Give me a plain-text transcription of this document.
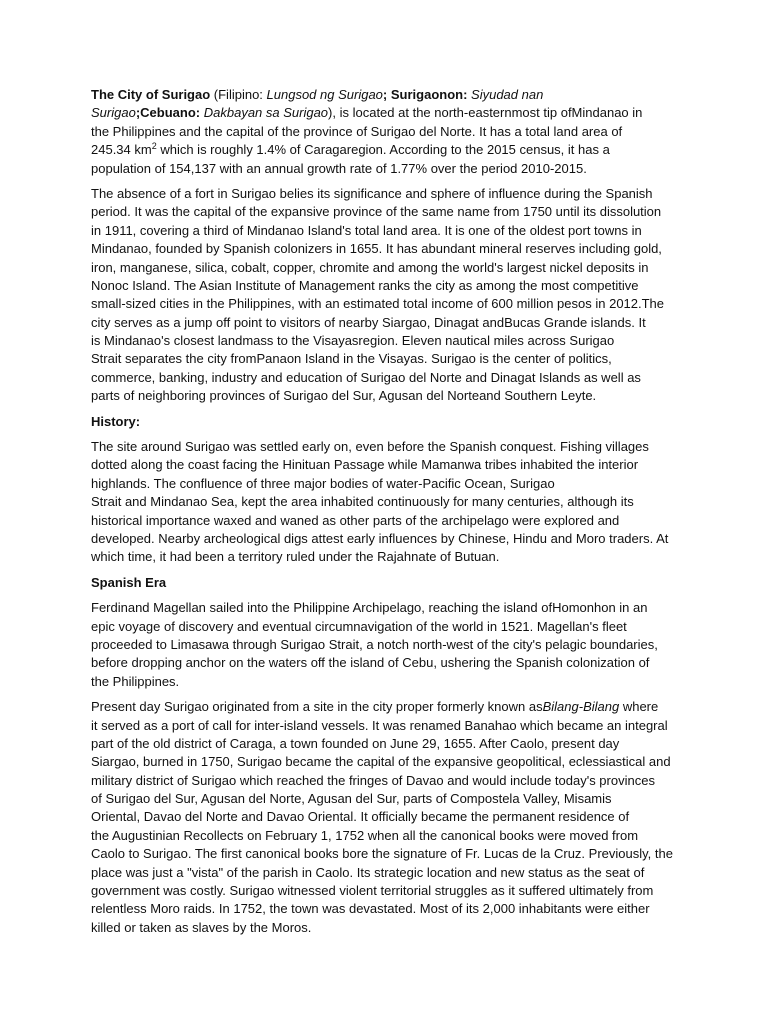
The City of Surigao (Filipino: Lungsod ng Surigao; Surigaonon: Siyudad nan
Surigao;Cebuano: Dakbayan sa Surigao), is located at the north-easternmost tip ofMindanao in
the Philippines and the capital of the province of Surigao del Norte. It has a total land area of
245.34 $km^2$ which is roughly 1.4% of Caragaregion. According to the 2015 census, it has a
population of 154,137 with an annual growth rate of 1.77% over the period 2010-2015.
The absence of a fort in Surigao belies its significance and sphere of influence during the Spanish
period. It was the capital of the expansive province of the same name from 1750 until its dissolution
in 1911, covering a third of Mindanao Island's total land area. It is one of the oldest port towns in
Mindanao, founded by Spanish colonizers in 1655. It has abundant mineral reserves including gold,
iron, manganese, silica, cobalt, copper, chromite and among the world's largest nickel deposits in
Nonoc Island. The Asian Institute of Management ranks the city as among the most competitive
small-sized cities in the Philippines, with an estimated total income of 600 million pesos in 2012.The
city serves as a jump off point to visitors of nearby Siargao, Dinagat andBucas Grande islands. It
is Mindanao's closest landmass to the Visayasregion. Eleven nautical miles across Surigao
Strait separates the city fromPanaon Island in the Visayas. Surigao is the center of politics,
commerce, banking, industry and education of Surigao del Norte and Dinagat Islands as well as
parts of neighboring provinces of Surigao del Sur, Agusan del Norteand Southern Leyte.
History:
The site around Surigao was settled early on, even before the Spanish conquest. Fishing villages
dotted along the coast facing the Hinituan Passage while Mamanwa tribes inhabited the interior
highlands. The confluence of three major bodies of water-Pacific Ocean, Surigao
Strait and Mindanao Sea, kept the area inhabited continuously for many centuries, although its
historical importance waxed and waned as other parts of the archipelago were explored and
developed. Nearby archeological digs attest early influences by Chinese, Hindu and Moro traders. At
which time, it had been a territory ruled under the Rajahnate of Butuan.
Spanish Era
Ferdinand Magellan sailed into the Philippine Archipelago, reaching the island ofHomonhon in an
epic voyage of discovery and eventual circumnavigation of the world in 1521. Magellan's fleet
proceeded to Limasawa through Surigao Strait, a notch north-west of the city's pelagic boundaries,
before dropping anchor on the waters off the island of Cebu, ushering the Spanish colonization of
the Philippines.
Present day Surigao originated from a site in the city proper formerly known asBilang-Bilang where
it served as a port of call for inter-island vessels. It was renamed Banahao which became an integral
part of the old district of Caraga, a town founded on June 29, 1655. After Caolo, present day
Siargao, burned in 1750, Surigao became the capital of the expansive geopolitical, eclessiastical and
military district of Surigao which reached the fringes of Davao and would include today's provinces
of Surigao del Sur, Agusan del Norte, Agusan del Sur, parts of Compostela Valley, Misamis
Oriental, Davao del Norte and Davao Oriental. It officially became the permanent residence of
the Augustinian Recollects on February 1, 1752 when all the canonical books were moved from
Caolo to Surigao. The first canonical books bore the signature of Fr. Lucas de la Cruz. Previously, the
place was just a "vista" of the parish in Caolo. Its strategic location and new status as the seat of
government was costly. Surigao witnessed violent territorial struggles as it suffered ultimately from
relentless Moro raids. In 1752, the town was devastated. Most of its 2,000 inhabitants were either
killed or taken as slaves by the Moros.
